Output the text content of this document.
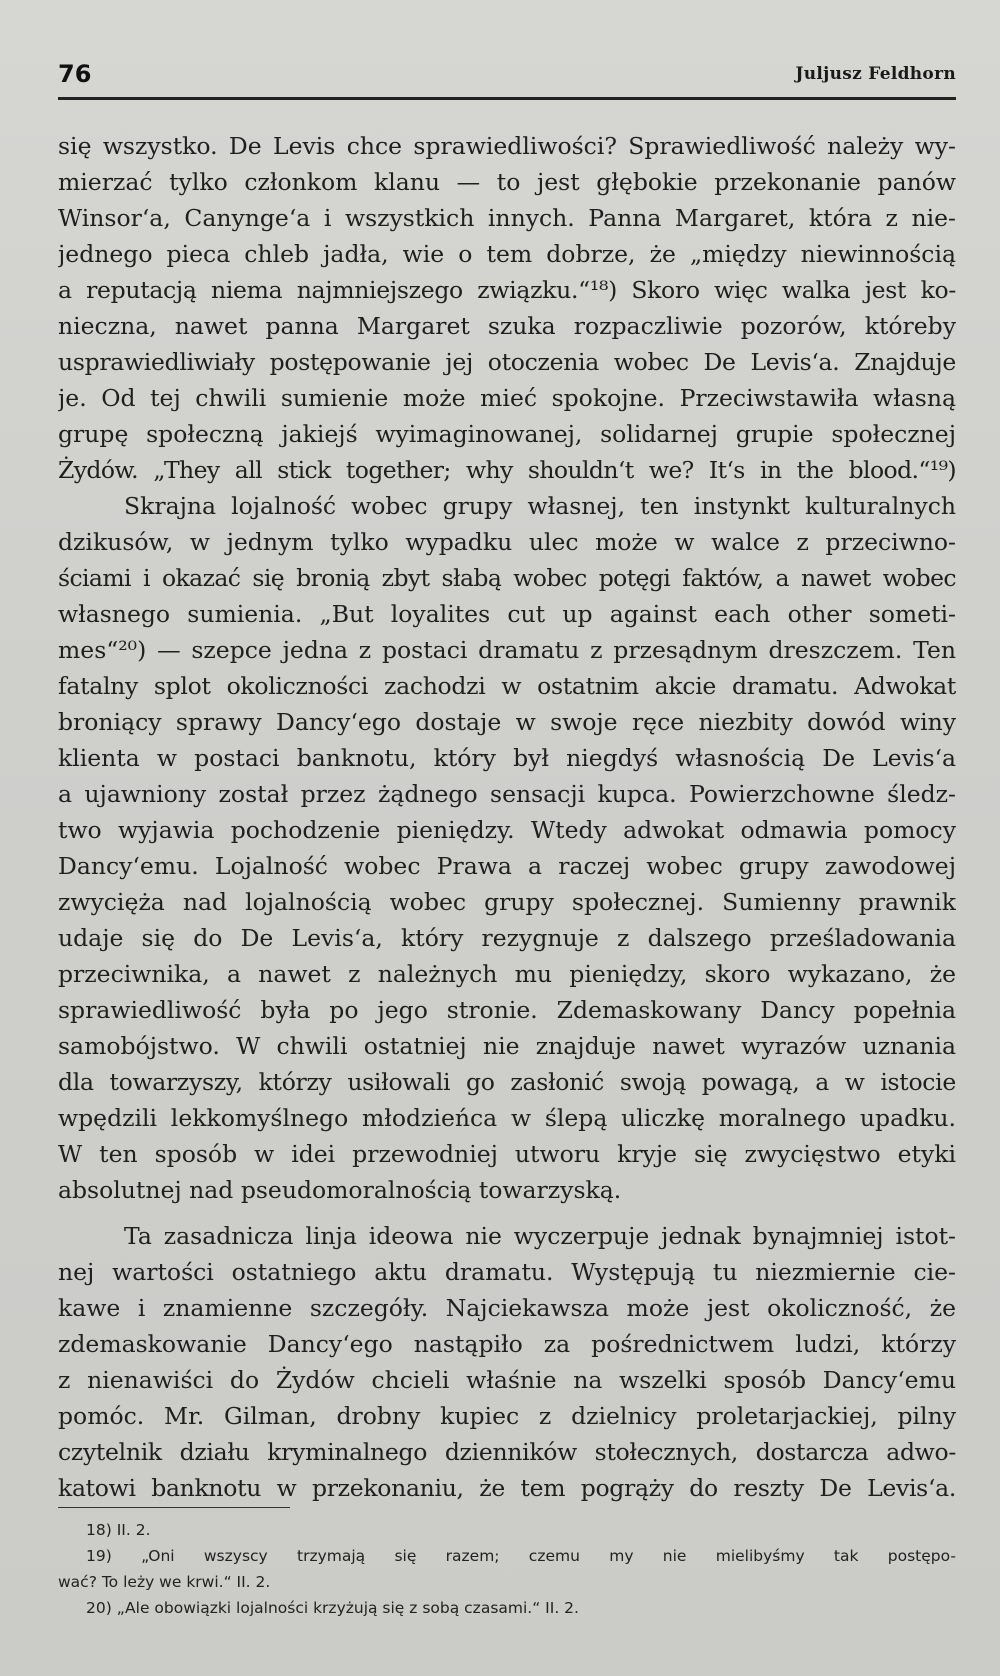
76	Juljusz Feldhorn
się wszystko. De Levis chce sprawiedliwości? Sprawiedliwość należy wy-
mierzać tylko członkom klanu — to jest głębokie przekonanie panów
Winsor‘a, Canynge‘a i wszystkich innych. Panna Margaret, która z nie-
jednego pieca chleb jadła, wie o tem dobrze, że „między niewinnością
a reputacją niema najmniejszego związku.“¹⁸) Skoro więc walka jest ko-
nieczna, nawet panna Margaret szuka rozpaczliwie pozorów, któreby
usprawiedliwiały postępowanie jej otoczenia wobec De Levis‘a. Znajduje
je. Od tej chwili sumienie może mieć spokojne. Przeciwstawiła własną
grupę społeczną jakiejś wyimaginowanej, solidarnej grupie społecznej
Żydów. „They all stick together; why shouldn‘t we? It‘s in the blood.“¹⁹)
Skrajna lojalność wobec grupy własnej, ten instynkt kulturalnych
dzikusów, w jednym tylko wypadku ulec może w walce z przeciwno-
ściami i okazać się bronią zbyt słabą wobec potęgi faktów, a nawet wobec
własnego sumienia. „But loyalites cut up against each other someti-
mes“²⁰) — szepce jedna z postaci dramatu z przesądnym dreszczem. Ten
fatalny splot okoliczności zachodzi w ostatnim akcie dramatu. Adwokat
broniący sprawy Dancy‘ego dostaje w swoje ręce niezbity dowód winy
klienta w postaci banknotu, który był niegdyś własnością De Levis‘a
a ujawniony został przez żądnego sensacji kupca. Powierzchowne śledz-
two wyjawia pochodzenie pieniędzy. Wtedy adwokat odmawia pomocy
Dancy‘emu. Lojalność wobec Prawa a raczej wobec grupy zawodowej
zwycięża nad lojalnością wobec grupy społecznej. Sumienny prawnik
udaje się do De Levis‘a, który rezygnuje z dalszego prześladowania
przeciwnika, a nawet z należnych mu pieniędzy, skoro wykazano, że
sprawiedliwość była po jego stronie. Zdemaskowany Dancy popełnia
samobójstwo. W chwili ostatniej nie znajduje nawet wyrazów uznania
dla towarzyszy, którzy usiłowali go zasłonić swoją powagą, a w istocie
wpędzili lekkomyślnego młodzieńca w ślepą uliczkę moralnego upadku.
W ten sposób w idei przewodniej utworu kryje się zwycięstwo etyki
absolutnej nad pseudomoralnością towarzyską.
Ta zasadnicza linja ideowa nie wyczerpuje jednak bynajmniej istot-
nej wartości ostatniego aktu dramatu. Występują tu niezmiernie cie-
kawe i znamienne szczegóły. Najciekawsza może jest okoliczność, że
zdemaskowanie Dancy‘ego nastąpiło za pośrednictwem ludzi, którzy
z nienawiści do Żydów chcieli właśnie na wszelki sposób Dancy‘emu
pomóc. Mr. Gilman, drobny kupiec z dzielnicy proletarjackiej, pilny
czytelnik działu kryminalnego dzienników stołecznych, dostarcza adwo-
katowi banknotu w przekonaniu, że tem pogrąży do reszty De Levis‘a.
18) II. 2.
19) „Oni wszyscy trzymają się razem; czemu my nie mielibyśmy tak postępo-
wać? To leży we krwi.“ II. 2.
20) „Ale obowiązki lojalności krzyżują się z sobą czasami.“ II. 2.
